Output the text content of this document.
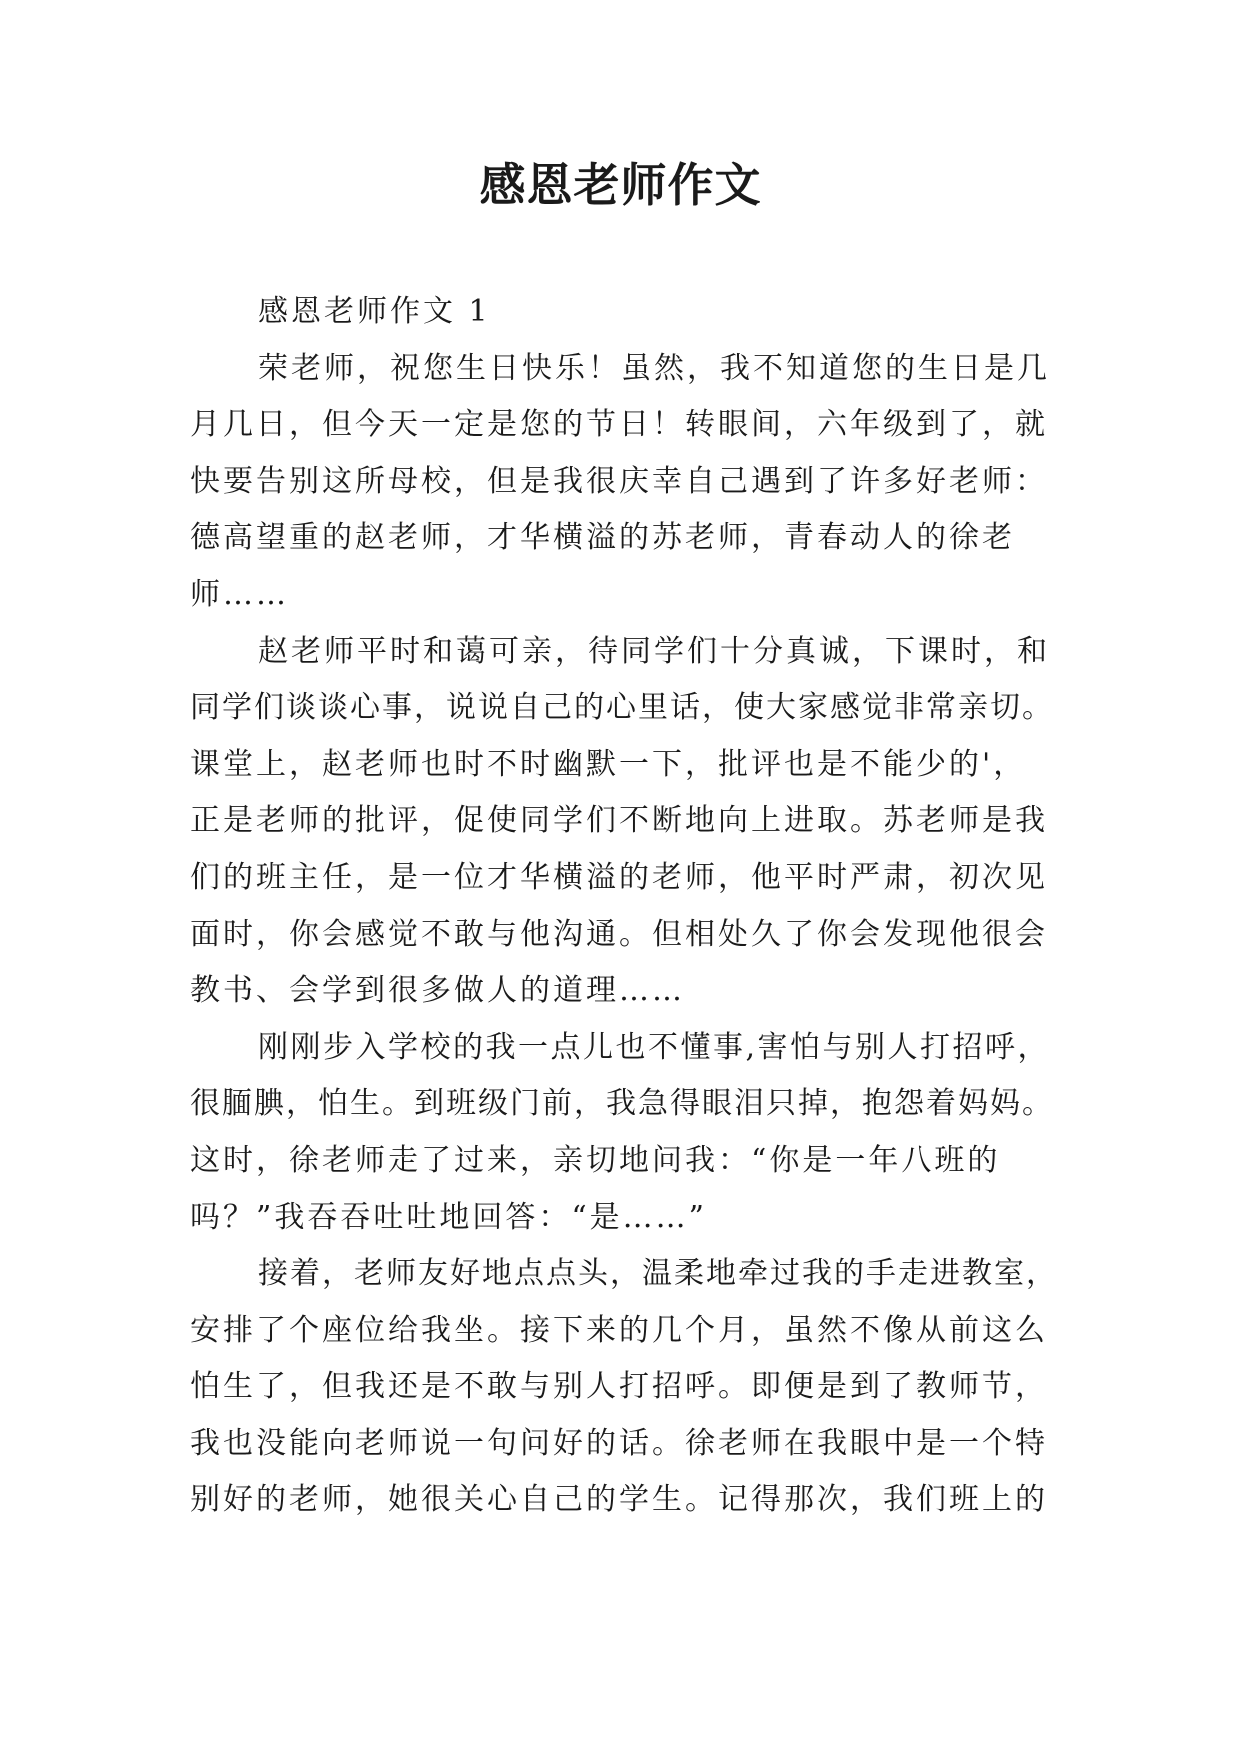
感恩老师作文
感恩老师作文 1
荣老师，祝您生日快乐！虽然，我不知道您的生日是几
月几日，但今天一定是您的节日！转眼间，六年级到了，就
快要告别这所母校，但是我很庆幸自己遇到了许多好老师：
德高望重的赵老师，才华横溢的苏老师，青春动人的徐老
师……
赵老师平时和蔼可亲，待同学们十分真诚，下课时，和
同学们谈谈心事，说说自己的心里话，使大家感觉非常亲切。
课堂上，赵老师也时不时幽默一下，批评也是不能少的'，
正是老师的批评，促使同学们不断地向上进取。苏老师是我
们的班主任，是一位才华横溢的老师，他平时严肃，初次见
面时，你会感觉不敢与他沟通。但相处久了你会发现他很会
教书、会学到很多做人的道理……
刚刚步入学校的我一点儿也不懂事,害怕与别人打招呼，
很腼腆，怕生。到班级门前，我急得眼泪只掉，抱怨着妈妈。
这时，徐老师走了过来，亲切地问我：“你是一年八班的
吗？”我吞吞吐吐地回答：“是……”
接着，老师友好地点点头，温柔地牵过我的手走进教室，
安排了个座位给我坐。接下来的几个月，虽然不像从前这么
怕生了，但我还是不敢与别人打招呼。即便是到了教师节，
我也没能向老师说一句问好的话。徐老师在我眼中是一个特
别好的老师，她很关心自己的学生。记得那次，我们班上的
